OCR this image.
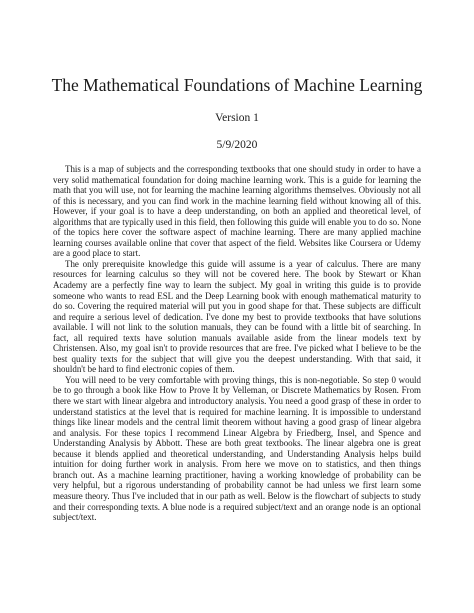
The Mathematical Foundations of Machine Learning
Version 1
5/9/2020

This is a map of subjects and the corresponding textbooks that one should study in order to have a very solid mathematical foundation for doing machine learning work. This is a guide for learning the math that you will use, not for learning the machine learning algorithms themselves. Obviously not all of this is necessary, and you can find work in the machine learning field without knowing all of this. However, if your goal is to have a deep understanding, on both an applied and theoretical level, of algorithms that are typically used in this field, then following this guide will enable you to do so. None of the topics here cover the software aspect of machine learning. There are many applied machine learning courses available online that cover that aspect of the field. Websites like Coursera or Udemy are a good place to start.

The only prerequisite knowledge this guide will assume is a year of calculus. There are many resources for learning calculus so they will not be covered here. The book by Stewart or Khan Academy are a perfectly fine way to learn the subject. My goal in writing this guide is to provide someone who wants to read ESL and the Deep Learning book with enough mathematical maturity to do so. Covering the required material will put you in good shape for that. These subjects are difficult and require a serious level of dedication. I've done my best to provide textbooks that have solutions available. I will not link to the solution manuals, they can be found with a little bit of searching. In fact, all required texts have solution manuals available aside from the linear models text by Christensen. Also, my goal isn't to provide resources that are free. I've picked what I believe to be the best quality texts for the subject that will give you the deepest understanding. With that said, it shouldn't be hard to find electronic copies of them.

You will need to be very comfortable with proving things, this is non-negotiable. So step 0 would be to go through a book like How to Prove It by Velleman, or Discrete Mathematics by Rosen. From there we start with linear algebra and introductory analysis. You need a good grasp of these in order to understand statistics at the level that is required for machine learning. It is impossible to understand things like linear models and the central limit theorem without having a good grasp of linear algebra and analysis. For these topics I recommend Linear Algebra by Friedberg, Insel, and Spence and Understanding Analysis by Abbott. These are both great textbooks. The linear algebra one is great because it blends applied and theoretical understanding, and Understanding Analysis helps build intuition for doing further work in analysis. From here we move on to statistics, and then things branch out. As a machine learning practitioner, having a working knowledge of probability can be very helpful, but a rigorous understanding of probability cannot be had unless we first learn some measure theory. Thus I've included that in our path as well. Below is the flowchart of subjects to study and their corresponding texts. A blue node is a required subject/text and an orange node is an optional subject/text.
